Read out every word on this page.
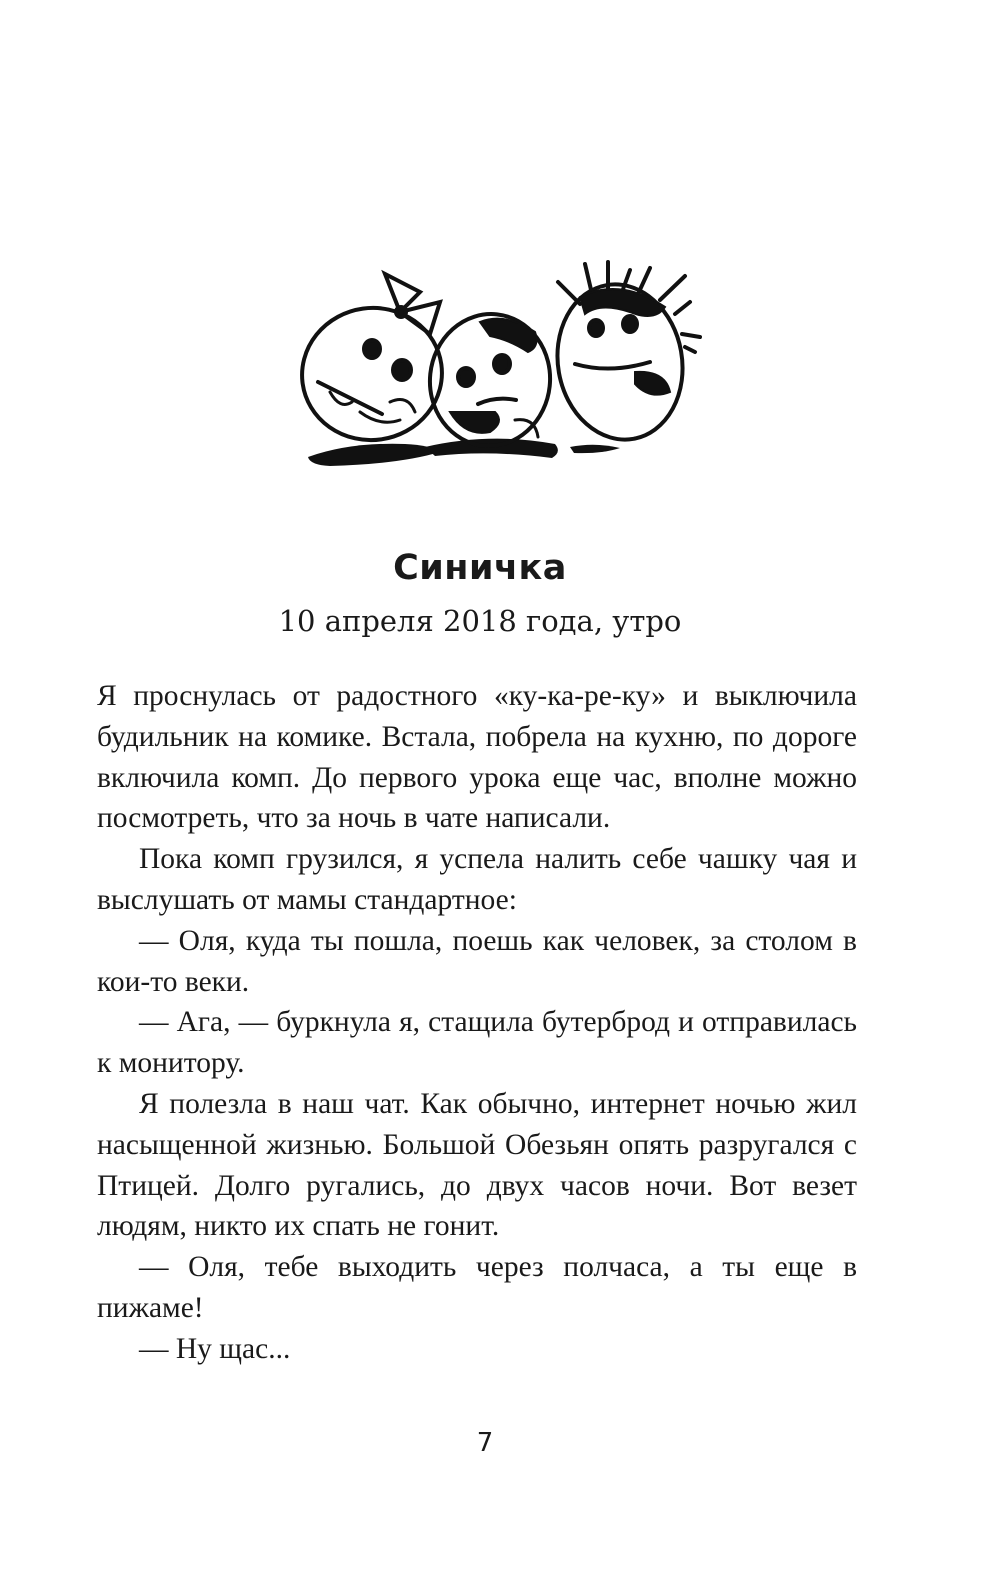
Синичка
10 апреля 2018 года, утро

Я проснулась от радостного «ку-ка-ре-ку» и выключила будильник на комике. Встала, побрела на кухню, по дороге включила комп. До первого урока еще час, вполне можно посмотреть, что за ночь в чате написали.

Пока комп грузился, я успела налить себе чашку чая и выслушать от мамы стандартное:

— Оля, куда ты пошла, поешь как человек, за столом в кои-то веки.

— Ага, — буркнула я, стащила бутерброд и отправилась к монитору.

Я полезла в наш чат. Как обычно, интернет ночью жил насыщенной жизнью. Большой Обезьян опять разругался с Птицей. Долго ругались, до двух часов ночи. Вот везет людям, никто их спать не гонит.

— Оля, тебе выходить через полчаса, а ты еще в пижаме!

— Ну щас...

7
